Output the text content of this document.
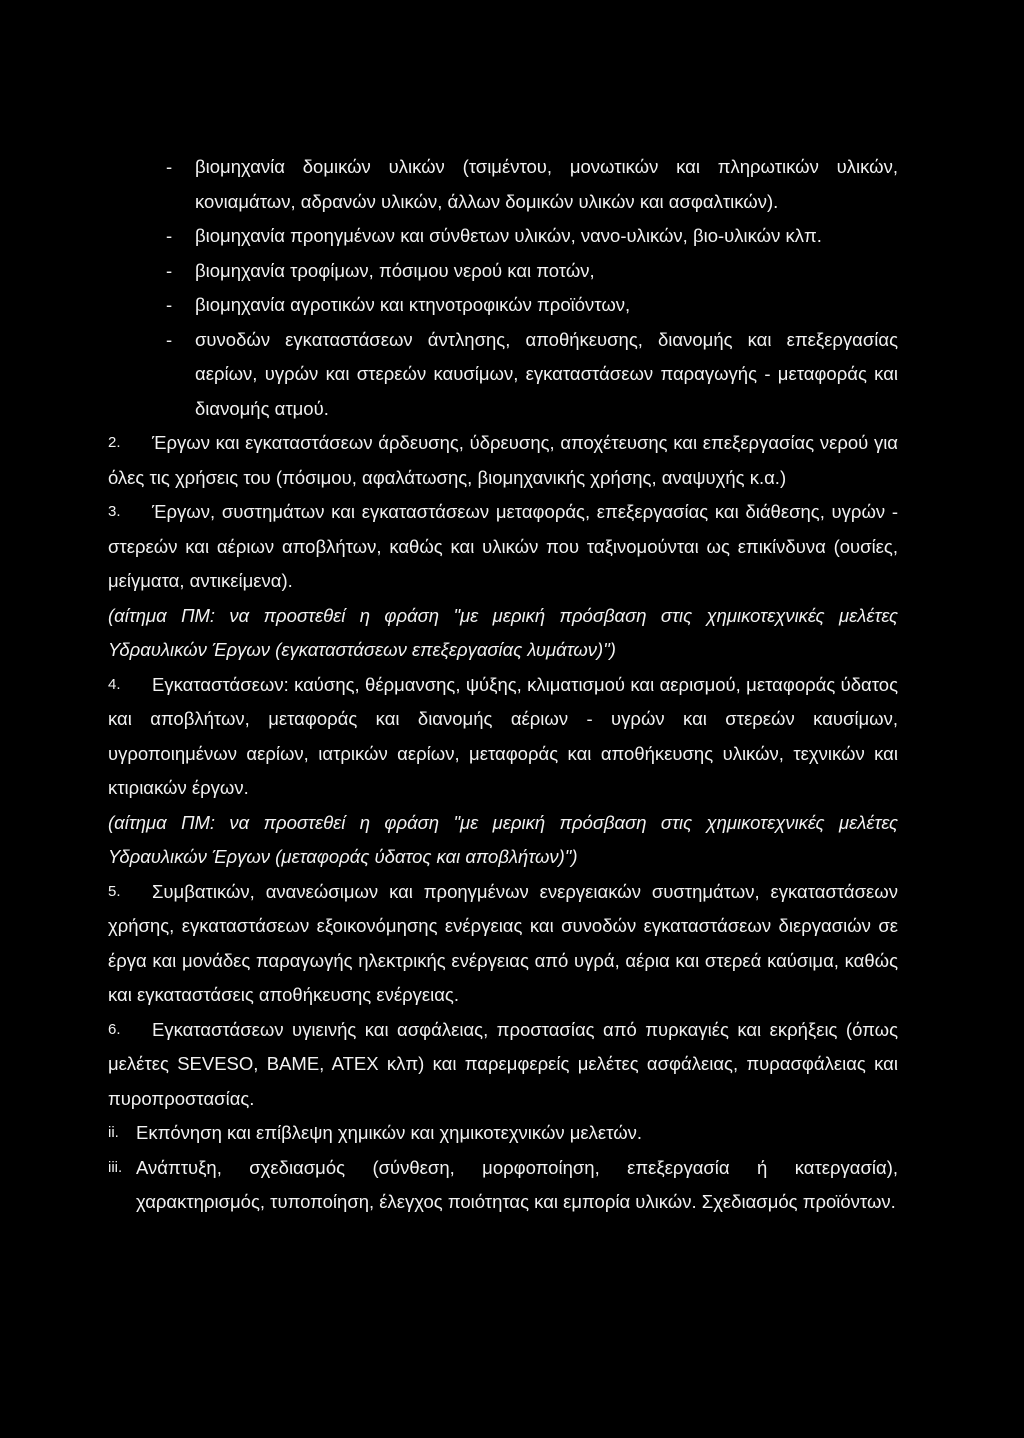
-	βιομηχανία δομικών υλικών (τσιμέντου, μονωτικών και πληρωτικών υλικών, κονιαμάτων, αδρανών υλικών, άλλων δομικών υλικών και ασφαλτικών).
-	βιομηχανία προηγμένων και σύνθετων υλικών, νανο-υλικών, βιο-υλικών κλπ.
-	βιομηχανία τροφίμων, πόσιμου νερού και ποτών,
-	βιομηχανία αγροτικών και κτηνοτροφικών προϊόντων,
-	συνοδών εγκαταστάσεων άντλησης, αποθήκευσης, διανομής και επεξεργασίας αερίων, υγρών και στερεών καυσίμων, εγκαταστάσεων παραγωγής - μεταφοράς και διανομής ατμού.
2.	Έργων και εγκαταστάσεων άρδευσης, ύδρευσης, αποχέτευσης και επεξεργασίας νερού για όλες τις χρήσεις του (πόσιμου, αφαλάτωσης, βιομηχανικής χρήσης, αναψυχής κ.α.)
3.	Έργων, συστημάτων και εγκαταστάσεων μεταφοράς, επεξεργασίας και διάθεσης, υγρών - στερεών και αέριων αποβλήτων, καθώς και υλικών που ταξινομούνται ως επικίνδυνα (ουσίες, μείγματα, αντικείμενα).
(αίτημα ΠΜ: να προστεθεί η φράση "με μερική πρόσβαση στις χημικοτεχνικές μελέτες Υδραυλικών Έργων (εγκαταστάσεων επεξεργασίας λυμάτων)")
4.	Εγκαταστάσεων: καύσης, θέρμανσης, ψύξης, κλιματισμού και αερισμού, μεταφοράς ύδατος και αποβλήτων, μεταφοράς και διανομής αέριων - υγρών και στερεών καυσίμων, υγροποιημένων αερίων, ιατρικών αερίων, μεταφοράς και αποθήκευσης υλικών, τεχνικών και κτιριακών έργων.
(αίτημα ΠΜ: να προστεθεί η φράση "με μερική πρόσβαση στις χημικοτεχνικές μελέτες Υδραυλικών Έργων (μεταφοράς ύδατος και αποβλήτων)")
5.	Συμβατικών, ανανεώσιμων και προηγμένων ενεργειακών συστημάτων, εγκαταστάσεων χρήσης, εγκαταστάσεων εξοικονόμησης ενέργειας και συνοδών εγκαταστάσεων διεργασιών σε έργα και μονάδες παραγωγής ηλεκτρικής ενέργειας από υγρά, αέρια και στερεά καύσιμα, καθώς και εγκαταστάσεις αποθήκευσης ενέργειας.
6.	Εγκαταστάσεων υγιεινής και ασφάλειας, προστασίας από πυρκαγιές και εκρήξεις (όπως μελέτες SEVESO, ΒΑΜΕ, ΑΤΕΧ κλπ) και παρεμφερείς μελέτες ασφάλειας, πυρασφάλειας και πυροπροστασίας.
ii. Εκπόνηση και επίβλεψη χημικών και χημικοτεχνικών μελετών.
iii. Ανάπτυξη, σχεδιασμός (σύνθεση, μορφοποίηση, επεξεργασία ή κατεργασία), χαρακτηρισμός, τυποποίηση, έλεγχος ποιότητας και εμπορία υλικών. Σχεδιασμός προϊόντων.
